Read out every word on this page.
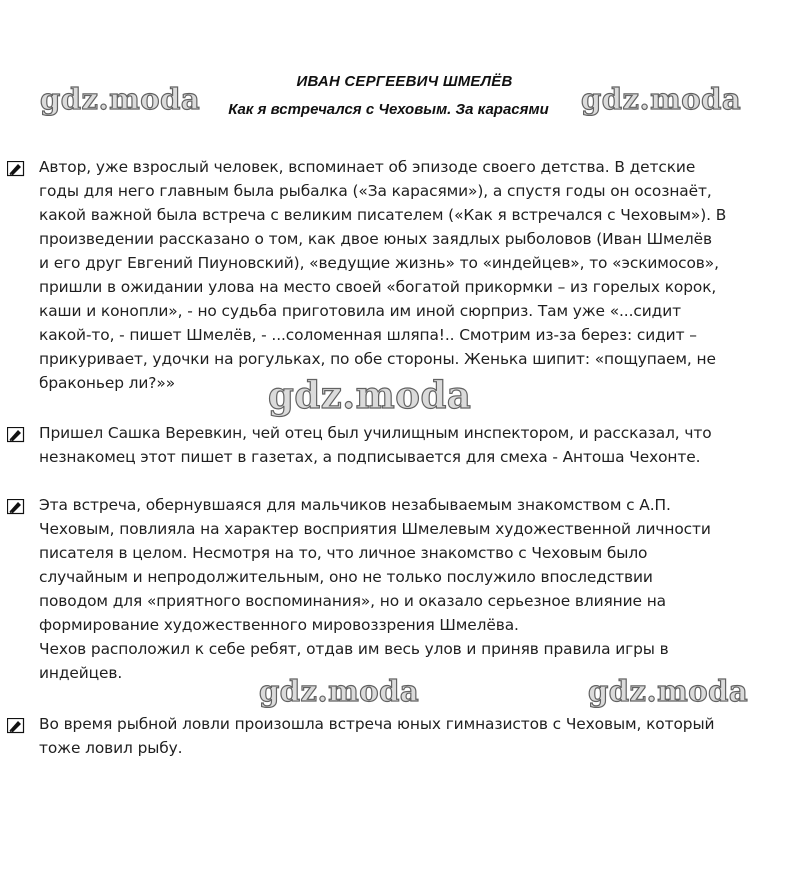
ИВАН СЕРГЕЕВИЧ ШМЕЛЁВ
Как я встречался с Чеховым. За карасями

Автор, уже взрослый человек, вспоминает об эпизоде своего детства. В детские
годы для него главным была рыбалка («За карасями»), а спустя годы он осознаёт,
какой важной была встреча с великим писателем («Как я встречался с Чеховым»). В
произведении рассказано о том, как двое юных заядлых рыболовов (Иван Шмелёв
и его друг Евгений Пиуновский), «ведущие жизнь» то «индейцев», то «эскимосов»,
пришли в ожидании улова на место своей «богатой прикормки – из горелых корок,
каши и конопли», - но судьба приготовила им иной сюрприз. Там уже «...сидит
какой-то, - пишет Шмелёв, - ...соломенная шляпа!.. Смотрим из-за берез: сидит –
прикуривает, удочки на рогульках, по обе стороны. Женька шипит: «пощупаем, не
браконьер ли?»»

Пришел Сашка Веревкин, чей отец был училищным инспектором, и рассказал, что
незнакомец этот пишет в газетах, а подписывается для смеха - Антоша Чехонте.

Эта встреча, обернувшаяся для мальчиков незабываемым знакомством с А.П.
Чеховым, повлияла на характер восприятия Шмелевым художественной личности
писателя в целом. Несмотря на то, что личное знакомство с Чеховым было
случайным и непродолжительным, оно не только послужило впоследствии
поводом для «приятного воспоминания», но и оказало серьезное влияние на
формирование художественного мировоззрения Шмелёва.
Чехов расположил к себе ребят, отдав им весь улов и приняв правила игры в
индейцев.

Во время рыбной ловли произошла встреча юных гимназистов с Чеховым, который
тоже ловил рыбу.

gdz.moda	gdz.moda
gdz.moda
gdz.moda	gdz.moda
